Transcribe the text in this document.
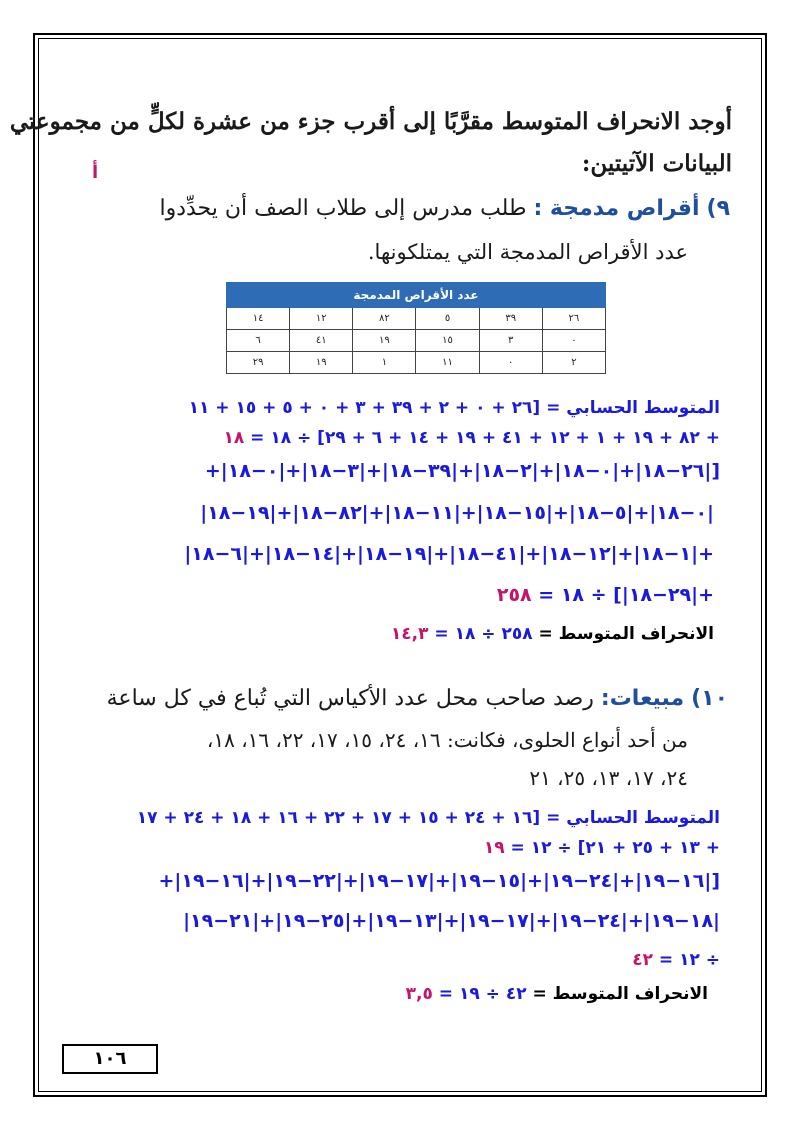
أوجد الانحراف المتوسط مقرَّبًا إلى أقرب جزء من عشرة لكلٍّ من مجموعتي
البيانات الآتيتين:
أ
٩) أقراص مدمجة : طلب مدرس إلى طلاب الصف أن يحدِّدوا
عدد الأقراص المدمجة التي يمتلكونها.
عدد الأقراص المدمجة					
١٤	١٢	٨٢	٥	٣٩	٢٦
٦	٤١	١٩	١٥	٣	٠
٢٩	١٩	١	١١	٠	٢
المتوسط الحسابي = [٢٦ + ٠ + ٢ + ٣٩ + ٣ + ٠ + ٥ + ١٥ + ١١
+ ٨٢ + ١٩ + ١ + ١٢ + ٤١ + ١٩ + ١٤ + ٦ + ٢٩] ÷ ١٨ = ١٨
[|٢٦−١٨|+|٠−١٨|+|٢−١٨|+|٣٩−١٨|+|٣−١٨|+|٠−١٨|+
|٠−١٨|+|٥−١٨|+|١٥−١٨|+|١١−١٨|+|٨٢−١٨|+|١٩−١٨|
+|١−١٨|+|١٢−١٨|+|٤١−١٨|+|١٩−١٨|+|١٤−١٨|+|٦−١٨|
+|٢٩−١٨|] ÷ ١٨ = ٢٥٨
الانحراف المتوسط = ٢٥٨ ÷ ١٨ = ١٤,٣
١٠) مبيعات: رصد صاحب محل عدد الأكياس التي تُباع في كل ساعة
من أحد أنواع الحلوى، فكانت: ١٦، ٢٤، ١٥، ١٧، ٢٢، ١٦، ١٨،
٢٤، ١٧، ١٣، ٢٥، ٢١
المتوسط الحسابي = [١٦ + ٢٤ + ١٥ + ١٧ + ٢٢ + ١٦ + ١٨ + ٢٤ + ١٧
+ ١٣ + ٢٥ + ٢١] ÷ ١٢ = ١٩
[|١٦−١٩|+|٢٤−١٩|+|١٥−١٩|+|١٧−١٩|+|٢٢−١٩|+|١٦−١٩|+
|١٨−١٩|+|٢٤−١٩|+|١٧−١٩|+|١٣−١٩|+|٢٥−١٩|+|٢١−١٩|
÷ ١٢ = ٤٢
الانحراف المتوسط = ٤٢ ÷ ١٩ = ٣,٥
١٠٦
